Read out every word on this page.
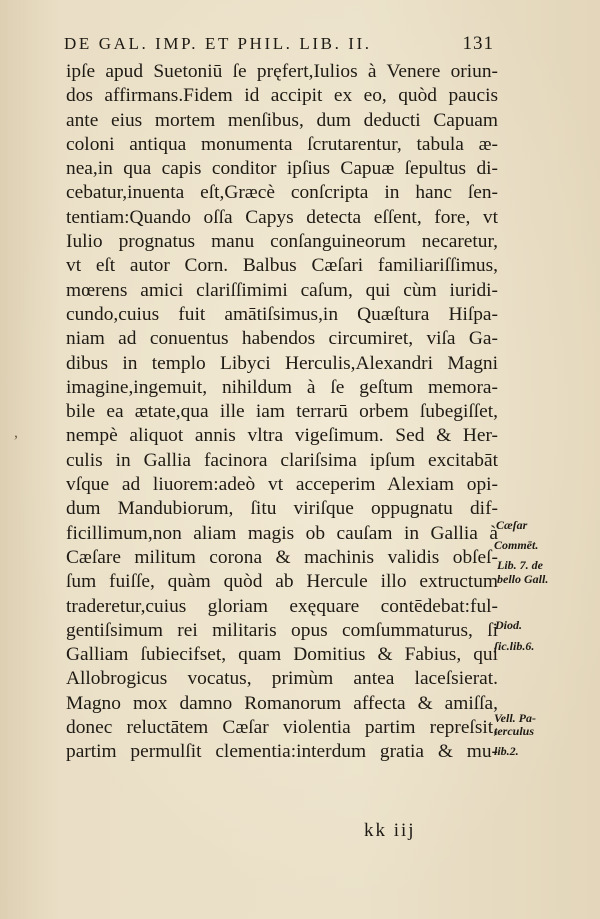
DE GAL. IMP. ET PHIL. LIB. II.	131
ipſe apud Suetoniū ſe pręfert,Iulios à Venere oriun-
dos affirmans.Fidem id accipit ex eo, quòd paucis
ante eius mortem menſibus, dum deducti Capuam
coloni antiqua monumenta ſcrutarentur, tabula æ-
nea,in qua capis conditor ipſius Capuæ ſepultus di-
cebatur,inuenta eſt,Græcè conſcripta in hanc ſen-
tentiam:Quando oſſa Capys detecta eſſent, fore, vt
Iulio prognatus manu conſanguineorum necaretur,
vt eſt autor Corn. Balbus Cæſari familiariſſimus,
mœrens amici clariſſimimi caſum, qui cùm iuridi-
cundo,cuius fuit amātiſsimus,in Quæſtura Hiſpa-
niam ad conuentus habendos circumiret, viſa Ga-
dibus in templo Libyci Herculis,Alexandri Magni
imagine,ingemuit, nihildum à ſe geſtum memora-
bile ea ætate,qua ille iam terrarū orbem ſubegiſſet,
nempè aliquot annis vltra vigeſimum. Sed & Her-
culis in Gallia facinora clariſsima ipſum excitabāt
vſque ad liuorem:adeò vt acceperim Alexiam opi-
dum Mandubiorum, ſitu viriſque oppugnatu dif-
ficillimum,non aliam magis ob cauſam in Gallia à
Cæſare militum corona & machinis validis obſeſ-
ſum fuiſſe, quàm quòd ab Hercule illo extructum
traderetur,cuius gloriam exęquare contēdebat:ful-
gentiſsimum rei militaris opus comſummaturus, ſi
Galliam ſubiecifset, quam Domitius & Fabius, qui
Allobrogicus vocatus, primùm antea laceſsierat.
Magno mox damno Romanorum affecta & amiſſa,
donec reluctātem Cæſar violentia partim repreſsit,
partim permulſit clementia:interdum gratia & mu-
,
Cæſar
Commēt.
Lib. 7. de
bello Gall.
Diod.
ſic.lib.6.
Vell. Pa-
terculus
lib.2.
kk iij
